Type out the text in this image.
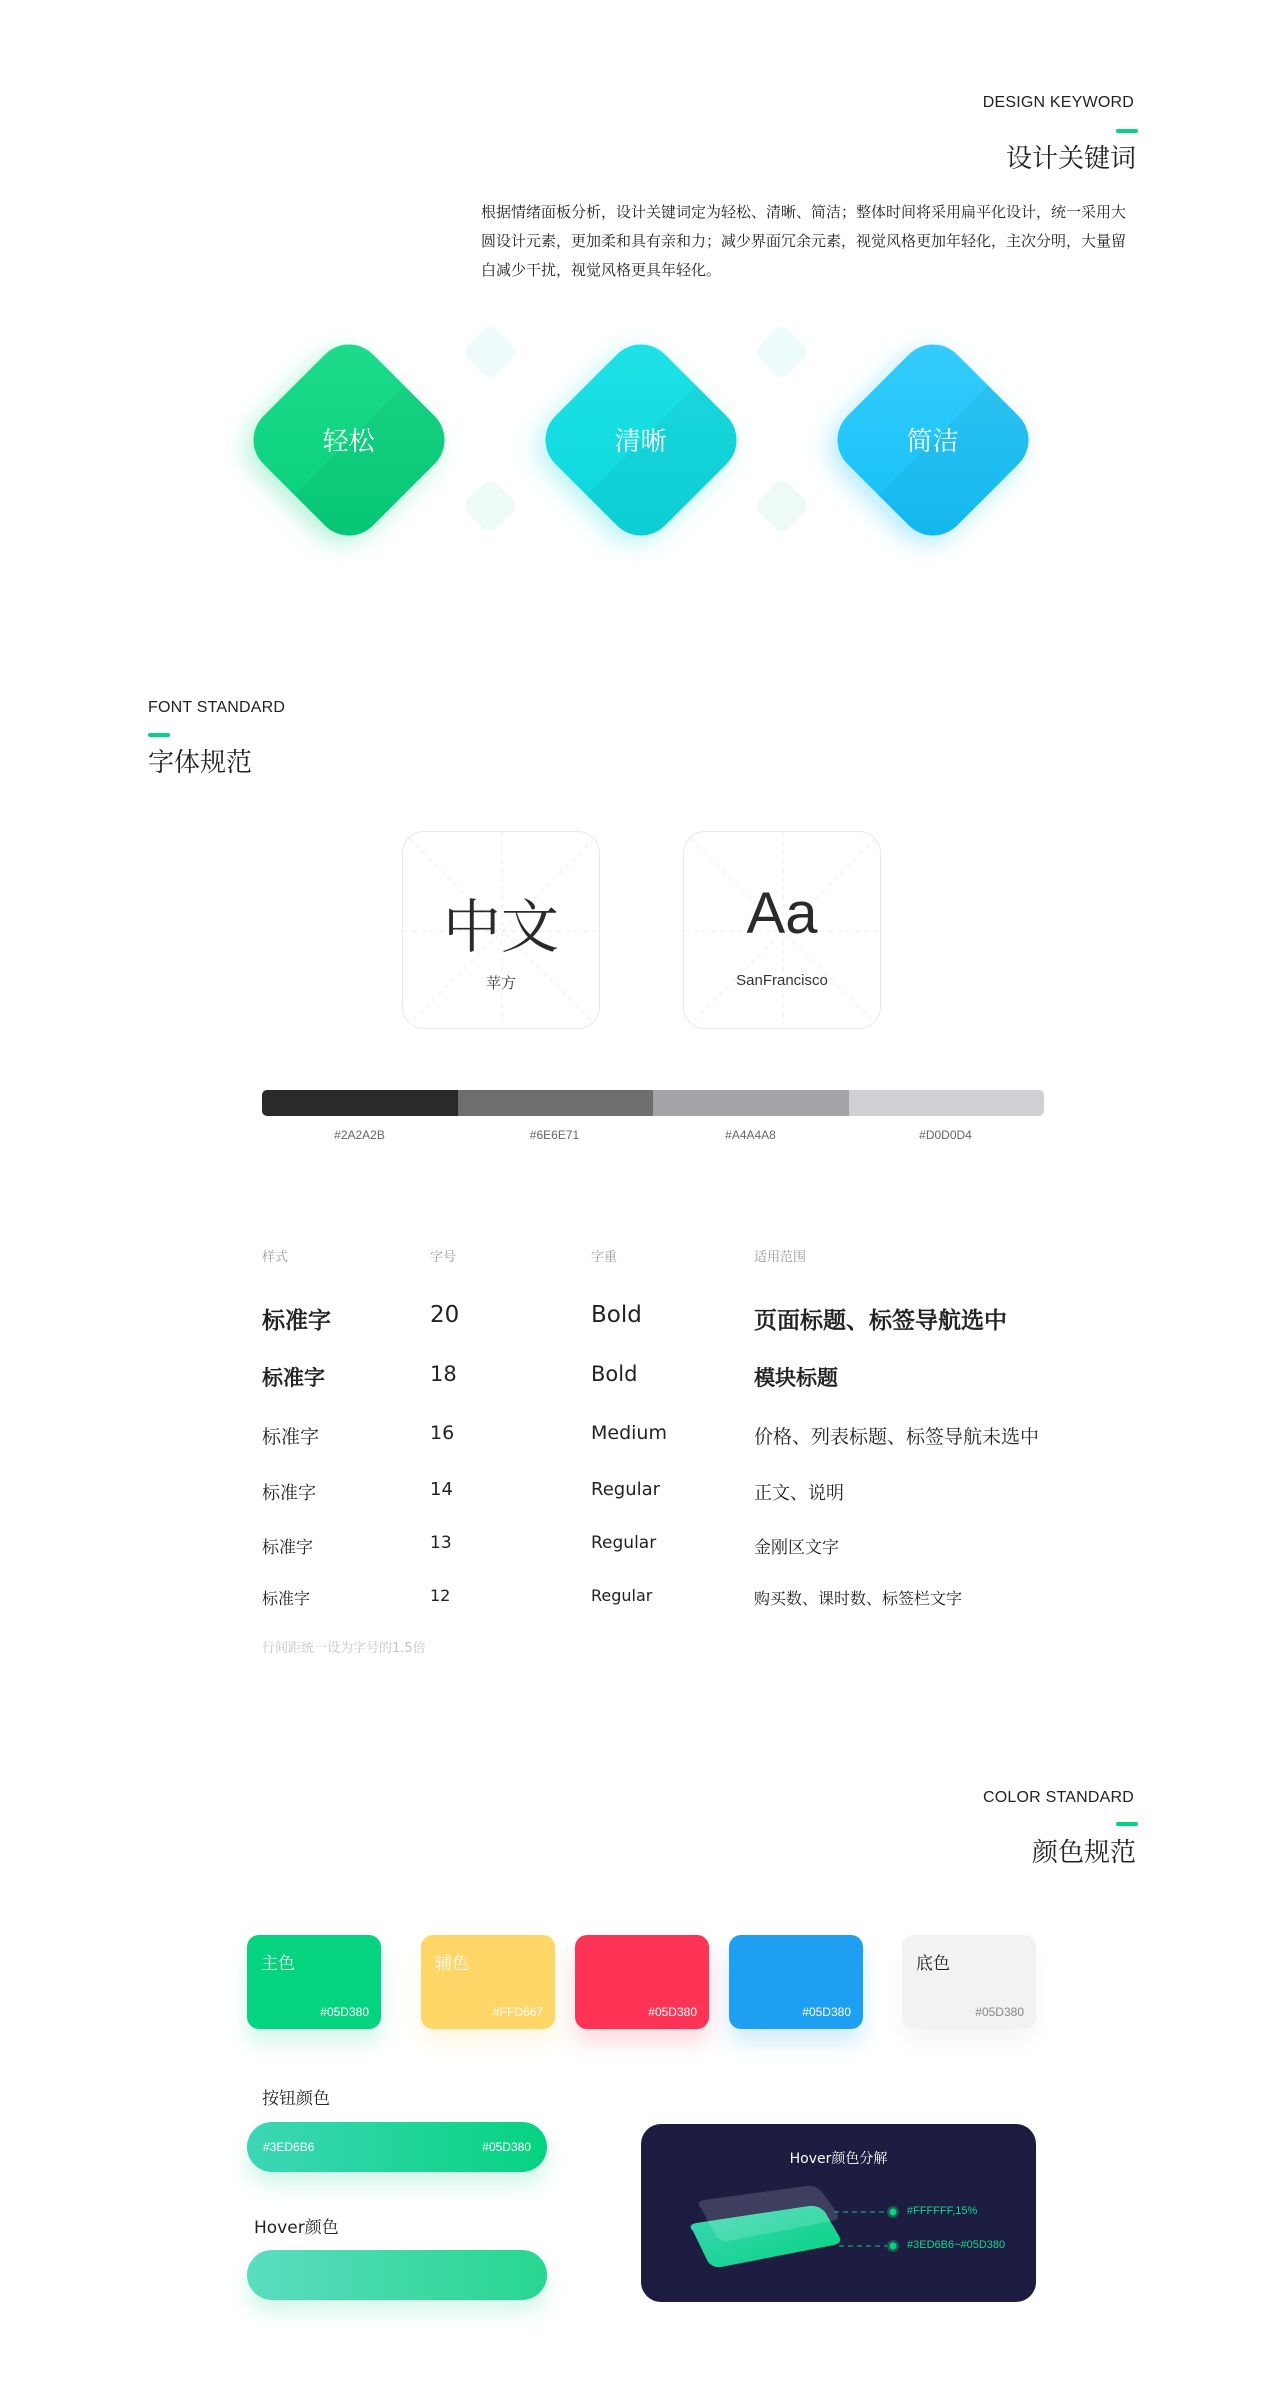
DESIGN KEYWORD
设计关键词
根据情绪面板分析，设计关键词定为轻松、清晰、简洁；整体时间将采用扁平化设计，统一采用大圆设计元素，更加柔和具有亲和力；减少界面冗余元素，视觉风格更加年轻化，主次分明，大量留白减少干扰，视觉风格更具年轻化。
轻松	清晰	简洁
FONT STANDARD
字体规范
中文
苹方
Aa
SanFrancisco
#2A2A2B	#6E6E71	#A4A4A8	#D0D0D4
样式	字号	字重	适用范围
标准字	20	Bold	页面标题、标签导航选中
标准字	18	Bold	模块标题
标准字	16	Medium	价格、列表标题、标签导航未选中
标准字	14	Regular	正文、说明
标准字	13	Regular	金刚区文字
标准字	12	Regular	购买数、课时数、标签栏文字
行间距统一设为字号的1.5倍
COLOR STANDARD
颜色规范
主色
#05D380
辅色
#FFD667	#05D380	#05D380
底色
#05D380
按钮颜色
#3ED6B6	#05D380
Hover颜色
Hover颜色分解
#FFFFFF,15%
#3ED6B6~#05D380
